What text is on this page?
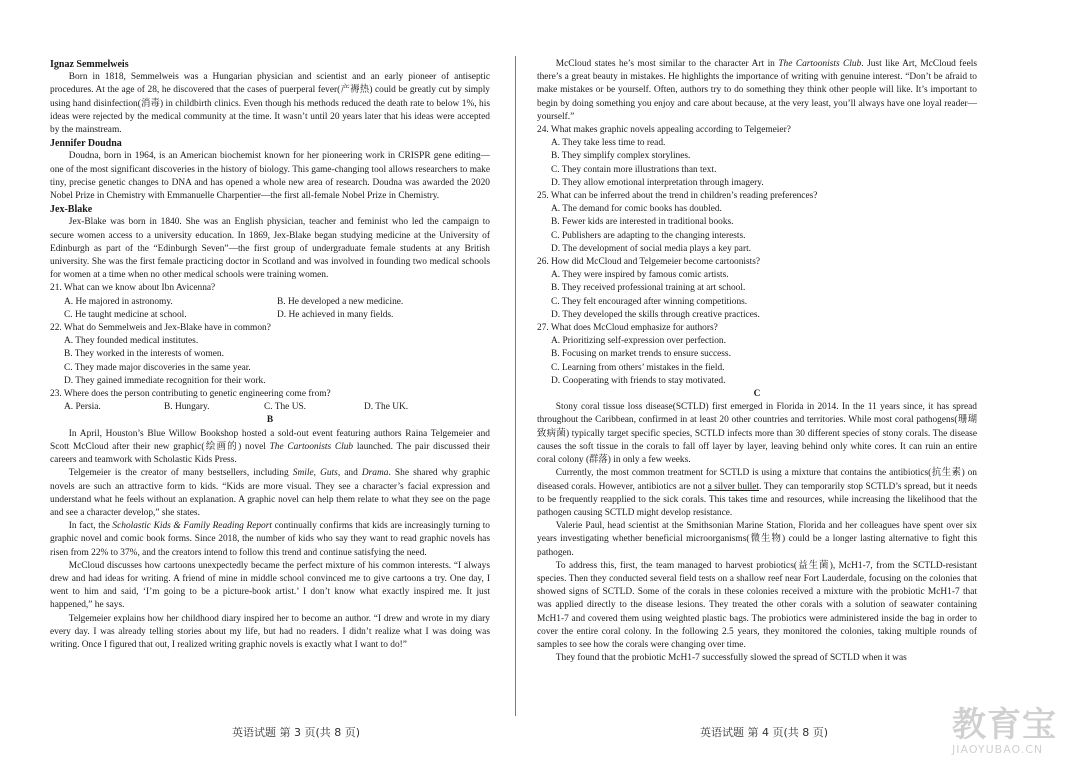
Ignaz Semmelweis

Born in 1818, Semmelweis was a Hungarian physician and scientist and an early pioneer of antiseptic procedures. At the age of 28, he discovered that the cases of puerperal fever(产褥热) could be greatly cut by simply using hand disinfection(消毒) in childbirth clinics. Even though his methods reduced the death rate to below 1%, his ideas were rejected by the medical community at the time. It wasn’t until 20 years later that his ideas were accepted by the mainstream.

Jennifer Doudna

Doudna, born in 1964, is an American biochemist known for her pioneering work in CRISPR gene editing—one of the most significant discoveries in the history of biology. This game-changing tool allows researchers to make tiny, precise genetic changes to DNA and has opened a whole new area of research. Doudna was awarded the 2020 Nobel Prize in Chemistry with Emmanuelle Charpentier—the first all-female Nobel Prize in Chemistry.

Jex-Blake

Jex-Blake was born in 1840. She was an English physician, teacher and feminist who led the campaign to secure women access to a university education. In 1869, Jex-Blake began studying medicine at the University of Edinburgh as part of the “Edinburgh Seven”—the first group of undergraduate female students at any British university. She was the first female practicing doctor in Scotland and was involved in founding two medical schools for women at a time when no other medical schools were training women.

21. What can we know about Ibn Avicenna?

A. He majored in astronomy.	B. He developed a new medicine.
C. He taught medicine at school.	D. He achieved in many fields.

22. What do Semmelweis and Jex-Blake have in common?

A. They founded medical institutes.

B. They worked in the interests of women.

C. They made major discoveries in the same year.

D. They gained immediate recognition for their work.

23. Where does the person contributing to genetic engineering come from?

A. Persia.	B. Hungary.	C. The US.	D. The UK.

B

In April, Houston’s Blue Willow Bookshop hosted a sold-out event featuring authors Raina Telgemeier and Scott McCloud after their new graphic(绘画的) novel The Cartoonists Club launched. The pair discussed their careers and teamwork with Scholastic Kids Press.

Telgemeier is the creator of many bestsellers, including Smile, Guts, and Drama. She shared why graphic novels are such an attractive form to kids. “Kids are more visual. They see a character’s facial expression and understand what he feels without an explanation. A graphic novel can help them relate to what they see on the page and see a character develop,” she states.

In fact, the Scholastic Kids & Family Reading Report continually confirms that kids are increasingly turning to graphic novel and comic book forms. Since 2018, the number of kids who say they want to read graphic novels has risen from 22% to 37%, and the creators intend to follow this trend and continue satisfying the need.

McCloud discusses how cartoons unexpectedly became the perfect mixture of his common interests. “I always drew and had ideas for writing. A friend of mine in middle school convinced me to give cartoons a try. One day, I went to him and said, ‘I’m going to be a picture-book artist.’ I don’t know what exactly inspired me. It just happened,” he says.

Telgemeier explains how her childhood diary inspired her to become an author. “I drew and wrote in my diary every day. I was already telling stories about my life, but had no readers. I didn’t realize what I was doing was writing. Once I figured that out, I realized writing graphic novels is exactly what I want to do!”

McCloud states he’s most similar to the character Art in The Cartoonists Club. Just like Art, McCloud feels there’s a great beauty in mistakes. He highlights the importance of writing with genuine interest. “Don’t be afraid to make mistakes or be yourself. Often, authors try to do something they think other people will like. It’s important to begin by doing something you enjoy and care about because, at the very least, you’ll always have one loyal reader—yourself.”

24. What makes graphic novels appealing according to Telgemeier?

A. They take less time to read.

B. They simplify complex storylines.

C. They contain more illustrations than text.

D. They allow emotional interpretation through imagery.

25. What can be inferred about the trend in children’s reading preferences?

A. The demand for comic books has doubled.

B. Fewer kids are interested in traditional books.

C. Publishers are adapting to the changing interests.

D. The development of social media plays a key part.

26. How did McCloud and Telgemeier become cartoonists?

A. They were inspired by famous comic artists.

B. They received professional training at art school.

C. They felt encouraged after winning competitions.

D. They developed the skills through creative practices.

27. What does McCloud emphasize for authors?

A. Prioritizing self-expression over perfection.

B. Focusing on market trends to ensure success.

C. Learning from others’ mistakes in the field.

D. Cooperating with friends to stay motivated.

C

Stony coral tissue loss disease(SCTLD) first emerged in Florida in 2014. In the 11 years since, it has spread throughout the Caribbean, confirmed in at least 20 other countries and territories. While most coral pathogens(珊瑚致病菌) typically target specific species, SCTLD infects more than 30 different species of stony corals. The disease causes the soft tissue in the corals to fall off layer by layer, leaving behind only white cores. It can ruin an entire coral colony (群落) in only a few weeks.

Currently, the most common treatment for SCTLD is using a mixture that contains the antibiotics(抗生素) on diseased corals. However, antibiotics are not a silver bullet. They can temporarily stop SCTLD’s spread, but it needs to be frequently reapplied to the sick corals. This takes time and resources, while increasing the likelihood that the pathogen causing SCTLD might develop resistance.

Valerie Paul, head scientist at the Smithsonian Marine Station, Florida and her colleagues have spent over six years investigating whether beneficial microorganisms(微生物) could be a longer lasting alternative to fight this pathogen.

To address this, first, the team managed to harvest probiotics(益生菌), McH1-7, from the SCTLD-resistant species. Then they conducted several field tests on a shallow reef near Fort Lauderdale, focusing on the colonies that showed signs of SCTLD. Some of the corals in these colonies received a mixture with the probiotic McH1-7 that was applied directly to the disease lesions. They treated the other corals with a solution of seawater containing McH1-7 and covered them using weighted plastic bags. The probiotics were administered inside the bag in order to cover the entire coral colony. In the following 2.5 years, they monitored the colonies, taking multiple rounds of samples to see how the corals were changing over time.

They found that the probiotic McH1-7 successfully slowed the spread of SCTLD when it was

英语试题 第 3 页(共 8 页)	英语试题 第 4 页(共 8 页)	教育宝
JIAOYUBAO.CN
